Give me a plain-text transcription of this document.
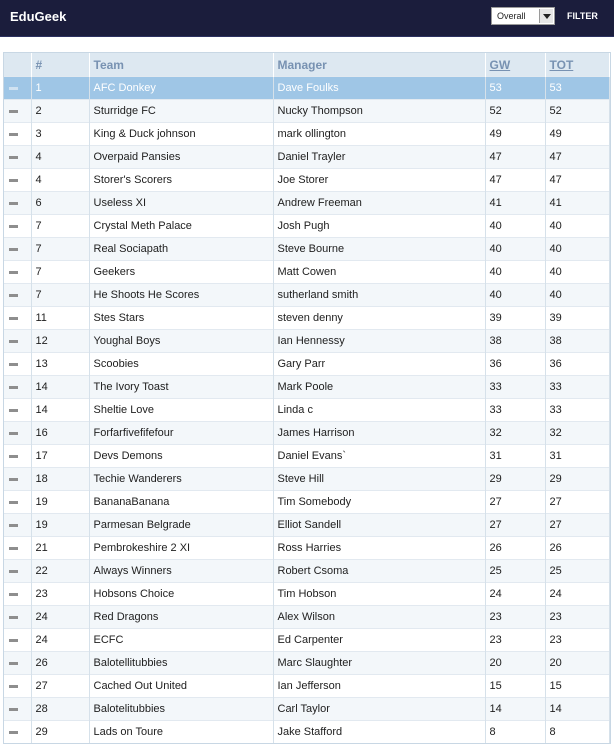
EduGeek	Overall	FILTER
	#	Team	Manager	GW	TOT
	1	AFC Donkey	Dave Foulks	53	53
	2	Sturridge FC	Nucky Thompson	52	52
	3	King & Duck johnson	mark ollington	49	49
	4	Overpaid Pansies	Daniel Trayler	47	47
	4	Storer's Scorers	Joe Storer	47	47
	6	Useless XI	Andrew Freeman	41	41
	7	Crystal Meth Palace	Josh Pugh	40	40
	7	Real Sociapath	Steve Bourne	40	40
	7	Geekers	Matt Cowen	40	40
	7	He Shoots He Scores	sutherland smith	40	40
	11	Stes Stars	steven denny	39	39
	12	Youghal Boys	Ian Hennessy	38	38
	13	Scoobies	Gary Parr	36	36
	14	The Ivory Toast	Mark Poole	33	33
	14	Sheltie Love	Linda c	33	33
	16	Forfarfivefifefour	James Harrison	32	32
	17	Devs Demons	Daniel Evans`	31	31
	18	Techie Wanderers	Steve Hill	29	29
	19	BananaBanana	Tim Somebody	27	27
	19	Parmesan Belgrade	Elliot Sandell	27	27
	21	Pembrokeshire 2 XI	Ross Harries	26	26
	22	Always Winners	Robert Csoma	25	25
	23	Hobsons Choice	Tim Hobson	24	24
	24	Red Dragons	Alex Wilson	23	23
	24	ECFC	Ed Carpenter	23	23
	26	Balotellitubbies	Marc Slaughter	20	20
	27	Cached Out United	Ian Jefferson	15	15
	28	Balotelitubbies	Carl Taylor	14	14
	29	Lads on Toure	Jake Stafford	8	8
